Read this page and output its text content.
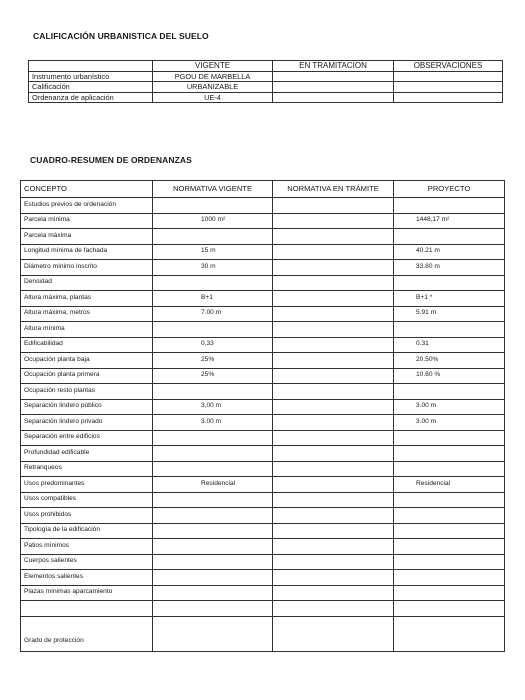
CALIFICACIÓN URBANISTICA DEL SUELO
	VIGENTE	EN TRAMITACION	OBSERVACIONES
Instrumento urbanístico	PGOU DE MARBELLA		
Calificación	URBANIZABLE		
Ordenanza de aplicación	UE-4		
CUADRO-RESUMEN DE ORDENANZAS
CONCEPTO	NORMATIVA VIGENTE	NORMATIVA EN TRÁMITE	PROYECTO
Estudios previos de ordenación			
Parcela mínima	1000 m²		1448,17 m²
Parcela máxima			
Longitud mínima de fachada	15 m		40.21 m
Diámetro mínimo inscrito	30 m		33.80 m
Densidad			
Altura máxima, plantas	B+1		B+1 *
Altura máxima, metros	7.00 m		5.91 m
Altura mínima			
Edificabilidad	0,33		0.31
Ocupación planta baja	25%		20.50%
Ocupación planta primera	25%		10.60 %
Ocupación resto plantas			
Separación lindero público	3,00 m		3.00 m
Separación lindero privado	3.00 m		3.00 m
Separación entre edificios			
Profundidad edificable			
Retranqueos			
Usos predominantes	Residencial		Residencial
Usos compatibles			
Usos prohibidos			
Tipología de la edificación			
Patios mínimos			
Cuerpos salientes			
Elementos salientes			
Plazas mínimas aparcamiento			

Grado de protección			
